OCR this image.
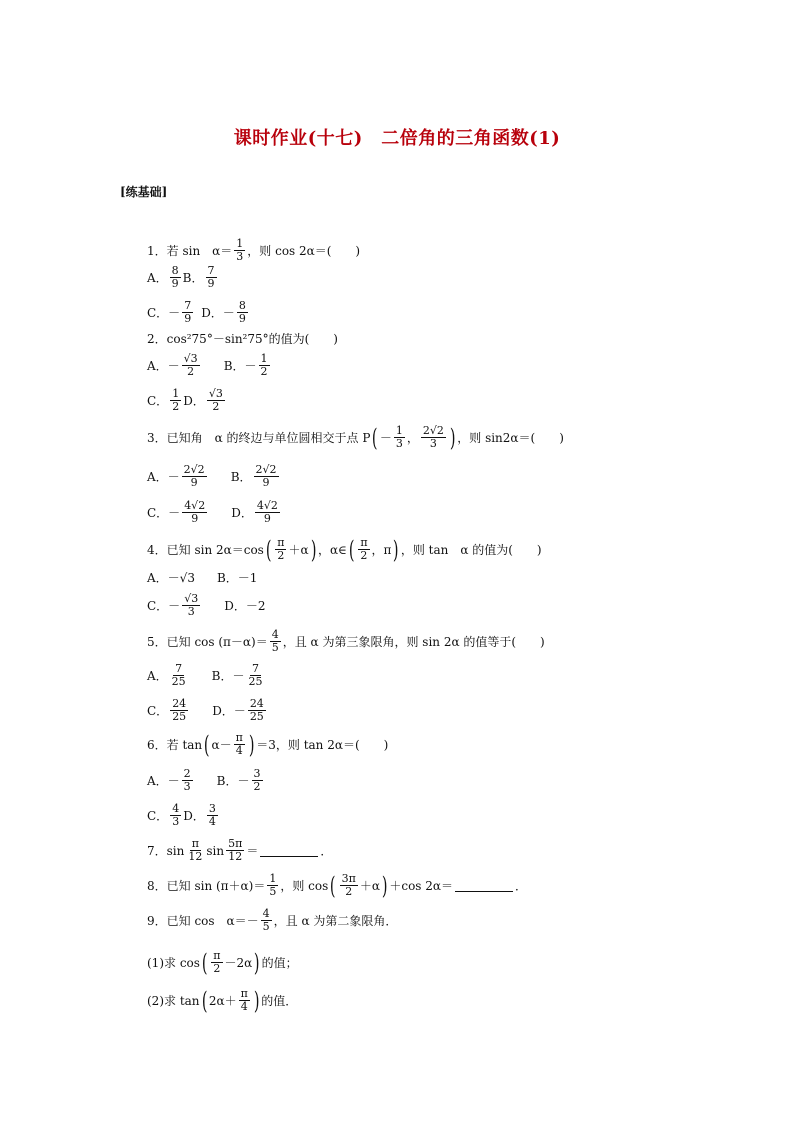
课时作业(十七)　二倍角的三角函数(1)
[练基础]
1．若 sin　$\alpha= \frac{1}{3}$ ，则 cos 2α＝(　　)
A． $\frac{8}{9}$ B． $\frac{7}{9}$
C．－ $\frac{7}{9}$ D．－ $\frac{8}{9}$
2．cos²75°－sin²75°的值为(　　)
A．－ $\frac{√3}{2}$ B．－ $\frac{1}{2}$
C． $\frac{1}{2}$ D． $\frac{√3}{2}$
3．已知角　α 的终边与单位圆相交于点 P ( － $\frac{1}{3}$ ， $\frac{2√2}{3}$ ) ，则 sin2α＝(　　)
A．－ $\frac{2√2}{9}$ B． $\frac{2√2}{9}$
C．－ $\frac{4√2}{9}$ D． $\frac{4√2}{9}$
4．已知 sin 2α＝cos ( $\frac{\pi}{2} +\alpha$ ) ，α∈ ( $\frac{\pi}{2}$ ，π ) ，则 tan　α 的值为(　　)
A．－√3 B．－1
C．－ $\frac{√3}{3}$ D．－2
5．已知 $\cos (\pi-\alpha)= \frac{4}{5}$ ，且 α 为第三象限角，则 sin 2α 的值等于(　　)
A． $\frac{7}{25}$ B．－ $\frac{7}{25}$
C． $\frac{24}{25}$ D．－ $\frac{24}{25}$
6．若 tan ( $\alpha- \frac{\pi}{4}$ ) ＝3，则 tan 2α＝(　　)
A．－ $\frac{2}{3}$ B．－ $\frac{3}{2}$
C． $\frac{4}{3}$ D． $\frac{3}{4}$
7．$\sin \frac{\pi}{12}$ $\sin \frac{5\pi}{12}$ ＝	．
8．已知 $\sin (\pi+\alpha)= \frac{1}{5}$ ，则 cos ( $\frac{3\pi}{2} +\alpha$ ) ＋cos 2α＝	．
9．已知 cos　$\alpha=- \frac{4}{5}$ ，且 α 为第二象限角．
(1)求 cos ( $\frac{\pi}{2} -2\alpha$ ) 的值；
(2)求 tan ( $2\alpha+ \frac{\pi}{4}$ ) 的值．
